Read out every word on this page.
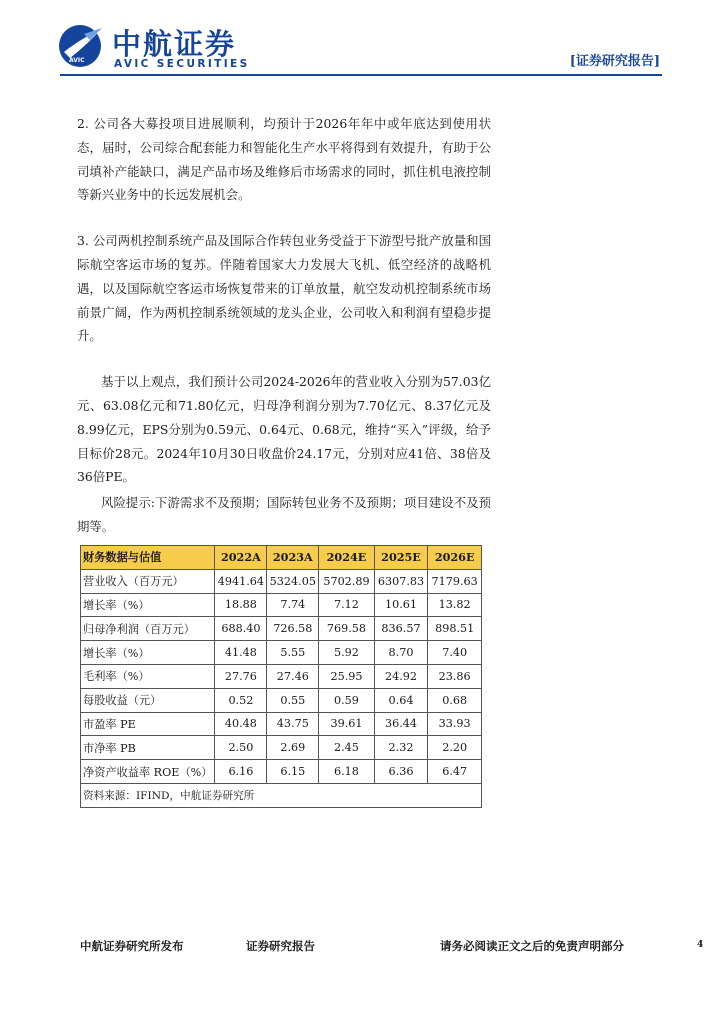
AVIC 中航证券
AVIC SECURITIES	[证券研究报告]

2. 公司各大募投项目进展顺利，均预计于2026年年中或年底达到使用状态，届时，公司综合配套能力和智能化生产水平将得到有效提升，有助于公司填补产能缺口，满足产品市场及维修后市场需求的同时，抓住机电液控制等新兴业务中的长远发展机会。

3. 公司两机控制系统产品及国际合作转包业务受益于下游型号批产放量和国际航空客运市场的复苏。伴随着国家大力发展大飞机、低空经济的战略机遇，以及国际航空客运市场恢复带来的订单放量，航空发动机控制系统市场前景广阔，作为两机控制系统领域的龙头企业，公司收入和利润有望稳步提升。

基于以上观点，我们预计公司2024-2026年的营业收入分别为57.03亿元、63.08亿元和71.80亿元，归母净利润分别为7.70亿元、8.37亿元及8.99亿元，EPS分别为0.59元、0.64元、0.68元，维持“买入”评级，给予目标价28元。2024年10月30日收盘价24.17元，分别对应41倍、38倍及36倍PE。

风险提示:下游需求不及预期；国际转包业务不及预期；项目建设不及预期等。

财务数据与估值	2022A	2023A	2024E	2025E	2026E
营业收入（百万元）	4941.64	5324.05	5702.89	6307.83	7179.63
增长率（%）	18.88	7.74	7.12	10.61	13.82
归母净利润（百万元）	688.40	726.58	769.58	836.57	898.51
增长率（%）	41.48	5.55	5.92	8.70	7.40
毛利率（%）	27.76	27.46	25.95	24.92	23.86
每股收益（元）	0.52	0.55	0.59	0.64	0.68
市盈率 PE	40.48	43.75	39.61	36.44	33.93
市净率 PB	2.50	2.69	2.45	2.32	2.20
净资产收益率 ROE（%）	6.16	6.15	6.18	6.36	6.47
资料来源：IFIND，中航证券研究所					
中航证券研究所发布	证券研究报告	请务必阅读正文之后的免责声明部分	4
